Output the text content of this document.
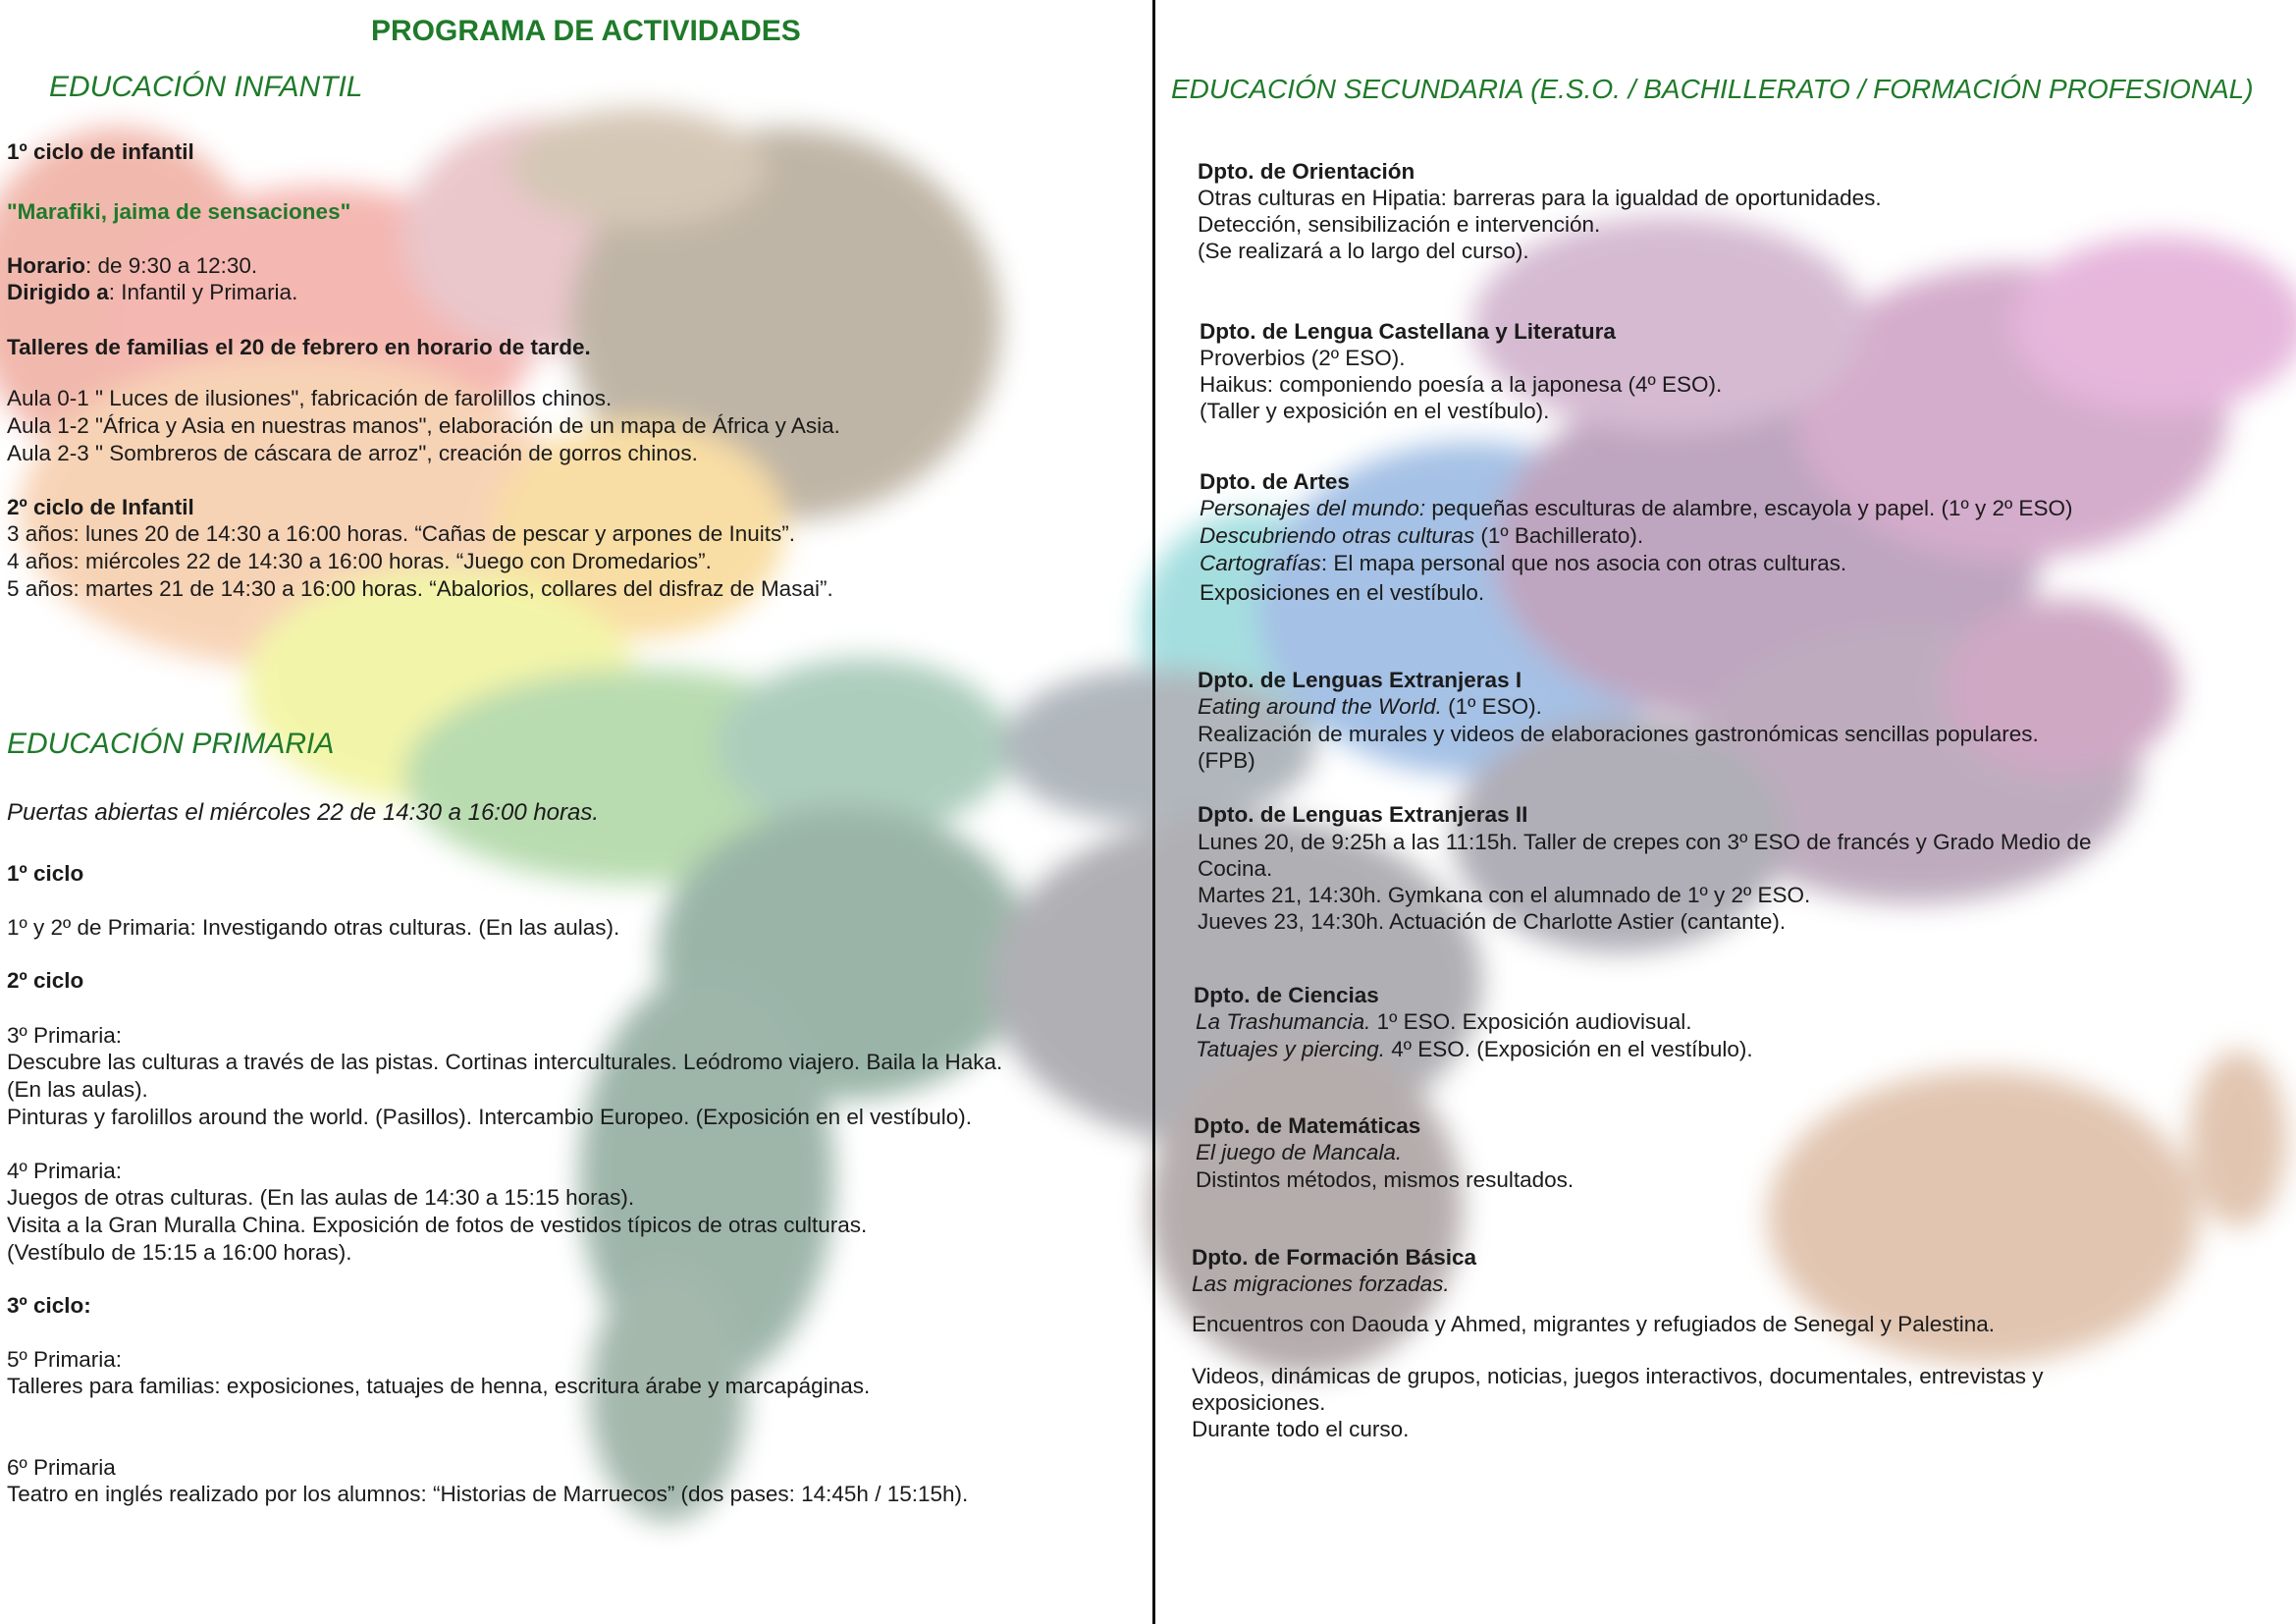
PROGRAMA DE ACTIVIDADES

EDUCACIÓN INFANTIL

1º ciclo de infantil

"Marafiki, jaima de sensaciones"

Horario: de 9:30 a 12:30.

Dirigido a: Infantil y Primaria.

Talleres de familias el 20 de febrero en horario de tarde.

Aula 0-1 " Luces de ilusiones", fabricación de farolillos chinos.

Aula 1-2 "África y Asia en nuestras manos", elaboración de un mapa de África y Asia.

Aula 2-3 " Sombreros de cáscara de arroz", creación de gorros chinos.

2º ciclo de Infantil

3 años: lunes 20 de 14:30 a 16:00 horas. “Cañas de pescar y arpones de Inuits”.

4 años: miércoles 22 de 14:30 a 16:00 horas. “Juego con Dromedarios”.

5 años: martes 21 de 14:30 a 16:00 horas. “Abalorios, collares del disfraz de Masai”.

EDUCACIÓN PRIMARIA

Puertas abiertas el miércoles 22 de 14:30 a 16:00 horas.

1º ciclo

1º y 2º de Primaria: Investigando otras culturas. (En las aulas).

2º ciclo

3º Primaria:

Descubre las culturas a través de las pistas. Cortinas interculturales. Leódromo viajero. Baila la Haka.

(En las aulas).

Pinturas y farolillos around the world. (Pasillos). Intercambio Europeo. (Exposición en el vestíbulo).

4º Primaria:

Juegos de otras culturas. (En las aulas de 14:30 a 15:15 horas).

Visita a la Gran Muralla China. Exposición de fotos de vestidos típicos de otras culturas.

(Vestíbulo de 15:15 a 16:00 horas).

3º ciclo:

5º Primaria:

Talleres para familias: exposiciones, tatuajes de henna, escritura árabe y marcapáginas.

6º Primaria

Teatro en inglés realizado por los alumnos: “Historias de Marruecos” (dos pases: 14:45h / 15:15h).

EDUCACIÓN SECUNDARIA (E.S.O. / BACHILLERATO / FORMACIÓN PROFESIONAL)

Dpto. de Orientación

Otras culturas en Hipatia: barreras para la igualdad de oportunidades.

Detección, sensibilización e intervención.

(Se realizará a lo largo del curso).

Dpto. de Lengua Castellana y Literatura

Proverbios (2º ESO).

Haikus: componiendo poesía a la japonesa (4º ESO).

(Taller y exposición en el vestíbulo).

Dpto. de Artes

Personajes del mundo: pequeñas esculturas de alambre, escayola y papel. (1º y 2º ESO)

Descubriendo otras culturas (1º Bachillerato).

Cartografías: El mapa personal que nos asocia con otras culturas.

Exposiciones en el vestíbulo.

Dpto. de Lenguas Extranjeras I

Eating around the World. (1º ESO).

Realización de murales y videos de elaboraciones gastronómicas sencillas populares.

(FPB)

Dpto. de Lenguas Extranjeras II

Lunes 20, de 9:25h a las 11:15h. Taller de crepes con 3º ESO de francés y Grado Medio de

Cocina.

Martes 21, 14:30h. Gymkana con el alumnado de 1º y 2º ESO.

Jueves 23, 14:30h. Actuación de Charlotte Astier (cantante).

Dpto. de Ciencias

La Trashumancia. 1º ESO. Exposición audiovisual.

Tatuajes y piercing. 4º ESO. (Exposición en el vestíbulo).

Dpto. de Matemáticas

El juego de Mancala.

Distintos métodos, mismos resultados.

Dpto. de Formación Básica

Las migraciones forzadas.

Encuentros con Daouda y Ahmed, migrantes y refugiados de Senegal y Palestina.

Videos, dinámicas de grupos, noticias, juegos interactivos, documentales, entrevistas y

exposiciones.

Durante todo el curso.
